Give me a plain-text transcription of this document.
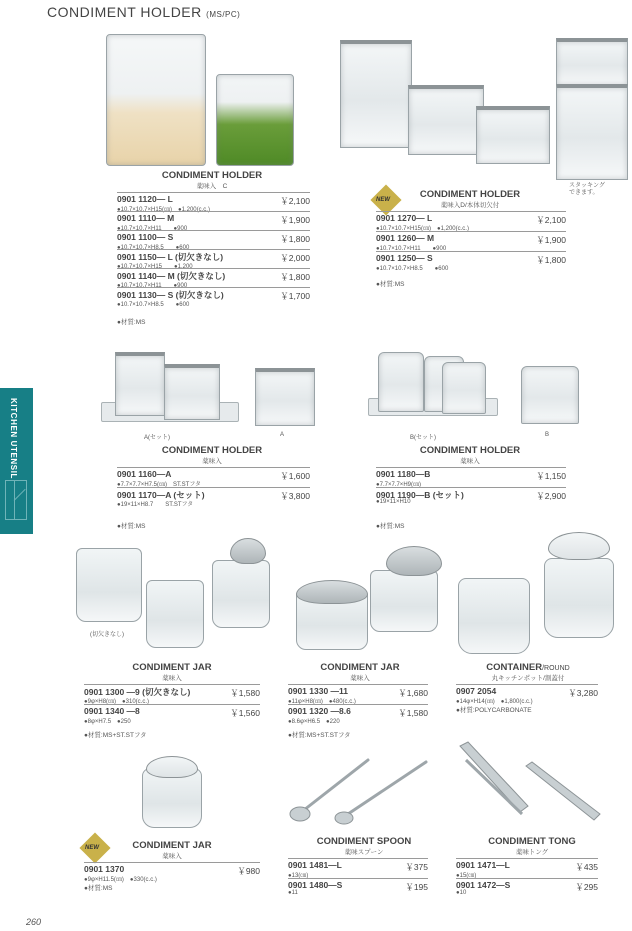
CONDIMENT HOLDER (MS/PC)
KITCHEN UTENSIL
CONDIMENT HOLDER
薬味入　C
0901 1120— L
●10.7×10.7×H15(㎝)　●1,200(c.c.)
￥2,100
0901 1110— M
●10.7×10.7×H11　　●900
￥1,900
0901 1100— S
●10.7×10.7×H8.5　　●600
￥1,800
0901 1150— L (切欠きなし)
●10.7×10.7×H15　　●1,200
￥2,000
0901 1140— M (切欠きなし)
●10.7×10.7×H11　　●900
￥1,800
0901 1130— S (切欠きなし)
●10.7×10.7×H8.5　　●600
￥1,700
●材質:MS
スタッキング
できます。
NEW	CONDIMENT HOLDER
薬味入D/本体切欠付
0901 1270— L
●10.7×10.7×H15(㎝)　●1,200(c.c.)
￥2,100
0901 1260— M
●10.7×10.7×H11　　●900
￥1,900
0901 1250— S
●10.7×10.7×H8.5　　●600
￥1,800
●材質:MS
A(セット)	A
CONDIMENT HOLDER
薬味入
0901 1160—A
●7.7×7.7×H7.5(㎝)　ST.STフタ
￥1,600
0901 1170—A (セット)
●19×11×H8.7　　ST.STフタ
￥3,800
●材質:MS
B(セット)	B
CONDIMENT HOLDER
薬味入
0901 1180—B
●7.7×7.7×H9(㎝)
￥1,150
0901 1190—B (セット)
●19×11×H10
￥2,900
●材質:MS
(切欠きなし)
CONDIMENT JAR
薬味入
0901 1300 —9 (切欠きなし)
●9φ×H8(㎝)　●310(c.c.)
￥1,580
0901 1340 —8
●8φ×H7.5　●250
￥1,560
●材質:MS+ST.STフタ
CONDIMENT JAR
薬味入
0901 1330 —11
●11φ×H8(㎝)　●480(c.c.)
￥1,680
0901 1320 —8.6
●8.6φ×H6.5　●220
￥1,580
●材質:MS+ST.STフタ
CONTAINER/ROUND
丸キッチンポット/割蓋付
0907 2054
●14φ×H14(㎝)　●1,800(c.c.)
￥3,280
●材質:POLYCARBONATE
NEW	CONDIMENT JAR
薬味入
0901 1370
●9φ×H11.5(㎝)　●330(c.c.)
￥980
●材質:MS
CONDIMENT SPOON
薬味スプーン
0901 1481—L
●13(㎝)
￥375
0901 1480—S
●11
￥195
CONDIMENT TONG
薬味トング
0901 1471—L
●15(㎝)
￥435
0901 1472—S
●10
￥295
260
